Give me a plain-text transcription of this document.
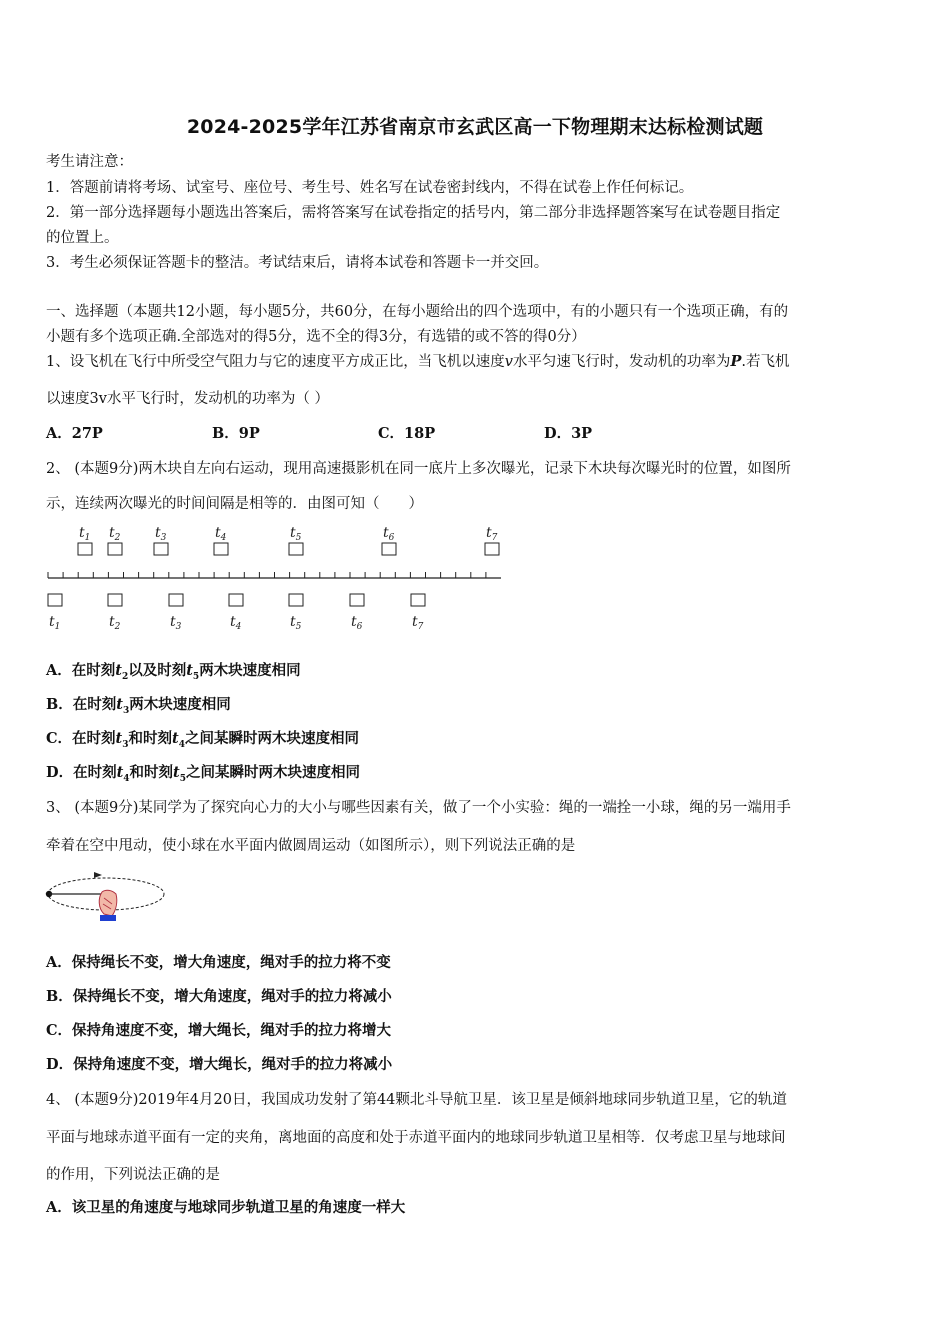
2024-2025学年江苏省南京市玄武区高一下物理期末达标检测试题
考生请注意：
1．答题前请将考场、试室号、座位号、考生号、姓名写在试卷密封线内，不得在试卷上作任何标记。
2．第一部分选择题每小题选出答案后，需将答案写在试卷指定的括号内，第二部分非选择题答案写在试卷题目指定
的位置上。
3．考生必须保证答题卡的整洁。考试结束后，请将本试卷和答题卡一并交回。
一、选择题（本题共12小题，每小题5分，共60分，在每小题给出的四个选项中，有的小题只有一个选项正确，有的
小题有多个选项正确.全部选对的得5分，选不全的得3分，有选错的或不答的得0分）
1、设飞机在飞行中所受空气阻力与它的速度平方成正比，当飞机以速度v水平匀速飞行时，发动机的功率为P.若飞机
以速度3v水平飞行时，发动机的功率为（ ）
A．27P	B．9P	C．18P	D．3P
2、 (本题9分)两木块自左向右运动，现用高速摄影机在同一底片上多次曝光，记录下木块每次曝光时的位置，如图所
示，连续两次曝光的时间间隔是相等的．由图可知（　　）
$t_1$ $t_2$ $t_3$	$t_4$	$t_5$	$t_6$	$t_7$
$t_1$	$t_2$	$t_3$	$t_4$	$t_5$	$t_6$	$t_7$
A．在时刻$t_2$以及时刻$t_5$两木块速度相同
B．在时刻$t_3$两木块速度相同
C．在时刻$t_3$和时刻$t_4$之间某瞬时两木块速度相同
D．在时刻$t_4$和时刻$t_5$之间某瞬时两木块速度相同
3、 (本题9分)某同学为了探究向心力的大小与哪些因素有关，做了一个小实验：绳的一端拴一小球，绳的另一端用手
牵着在空中甩动，使小球在水平面内做圆周运动（如图所示），则下列说法正确的是
A．保持绳长不变，增大角速度，绳对手的拉力将不变
B．保持绳长不变，增大角速度，绳对手的拉力将减小
C．保持角速度不变，增大绳长，绳对手的拉力将增大
D．保持角速度不变，增大绳长，绳对手的拉力将减小
4、 (本题9分)2019年4月20日，我国成功发射了第44颗北斗导航卫星．该卫星是倾斜地球同步轨道卫星，它的轨道
平面与地球赤道平面有一定的夹角，离地面的高度和处于赤道平面内的地球同步轨道卫星相等．仅考虑卫星与地球间
的作用，下列说法正确的是
A．该卫星的角速度与地球同步轨道卫星的角速度一样大
